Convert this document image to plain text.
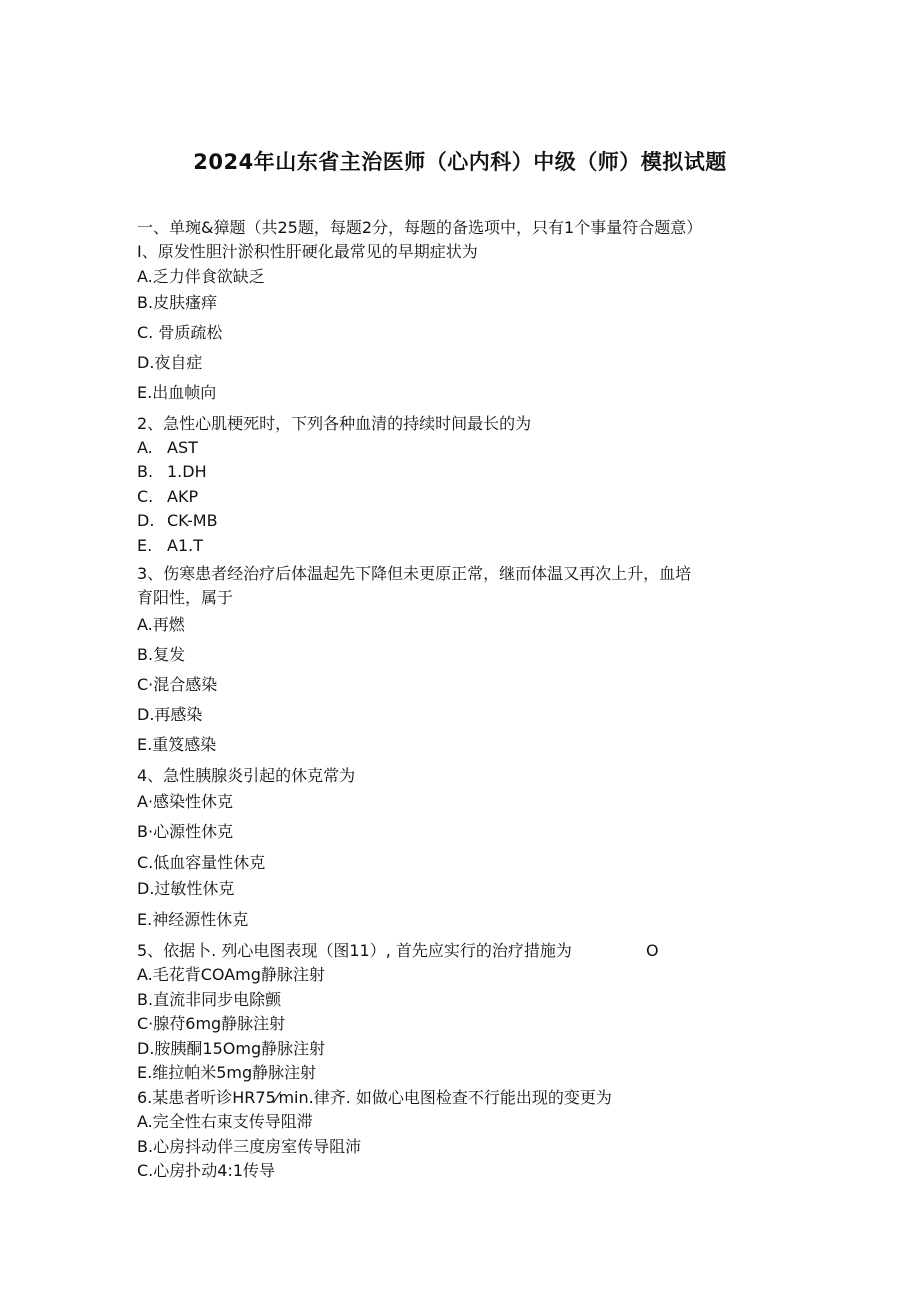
2024年山东省主治医师（心内科）中级（师）模拟试题
一、单琬&獐题（共25题，每题2分，每题的备选项中，只有1个事量符合题意）
I、原发性胆汁淤积性肝硬化最常见的早期症状为
A.乏力伴食欲缺乏
B.皮肤瘙痒
C. 骨质疏松
D.夜自症
E.出血帧向
2、急性心肌梗死时，下列各种血清的持续时间最长的为
A. AST
B. 1.DH
C. AKP
D. CK-MB
E. A1.T
3、伤寒患者经治疗后体温起先下降但未更原正常，继而体温又再次上升，血培
育阳性，属于
A.再燃
B.复发
C·混合感染
D.再感染
E.重笈感染
4、急性胰腺炎引起的休克常为
A·感染性休克
B·心源性休克
C.低血容量性休克
D.过敏性休克
E.神经源性休克
5、依据卜. 列心电图表现（图11）, 首先应实行的治疗措施为	O
A.毛花背COAmg静脉注射
B.直流非同步电除颤
C·腺苻6mg静脉注射
D.胺胰酮15Omg静脉注射
E.维拉帕米5mg静脉注射
6.某患者听诊HR75⁄min.律齐. 如做心电图检查不行能出现的变更为
A.完全性右束支传导阻滞
B.心房抖动伴三度房室传导阻沛
C.心房扑动4:1传导
